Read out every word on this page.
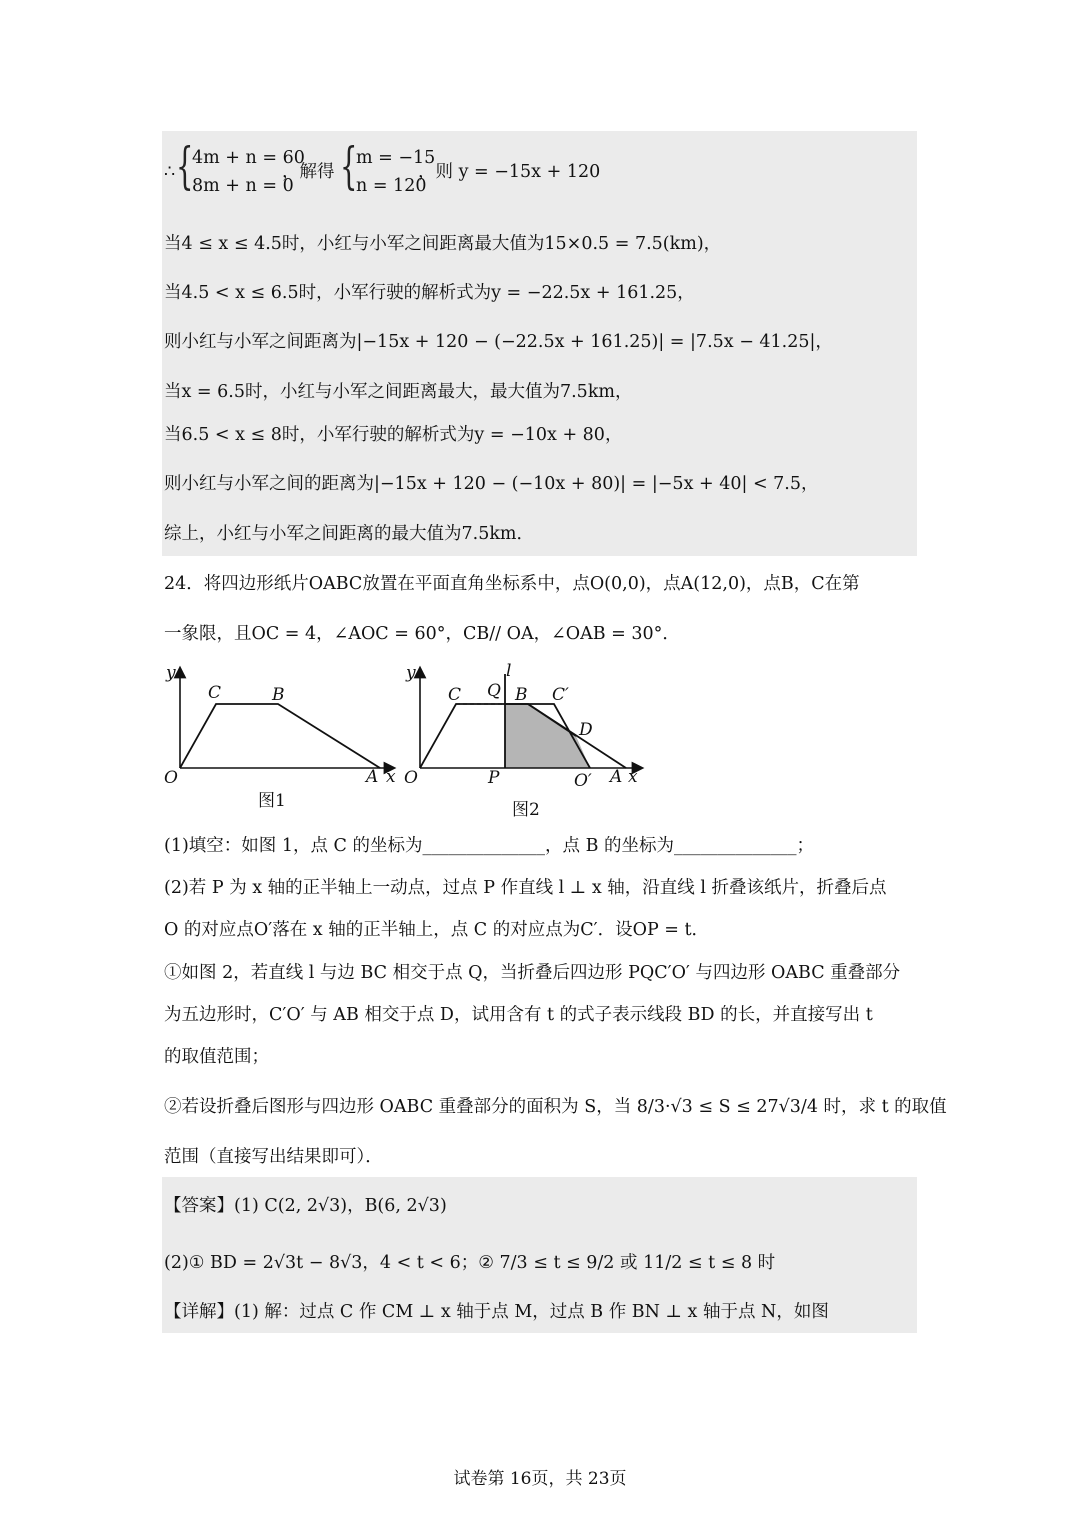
∴ {
4m + n = 60
8m + n = 0
，解得 {
m = −15
n = 120
，则 y = −15x + 120
当4 ≤ x ≤ 4.5时，小红与小军之间距离最大值为15×0.5 = 7.5(km)，
当4.5 < x ≤ 6.5时，小军行驶的解析式为y = −22.5x + 161.25，
则小红与小军之间距离为|−15x + 120 − (−22.5x + 161.25)| = |7.5x − 41.25|，
当x = 6.5时，小红与小军之间距离最大，最大值为7.5km，
当6.5 < x ≤ 8时，小军行驶的解析式为y = −10x + 80，
则小红与小军之间的距离为|−15x + 120 − (−10x + 80)| = |−5x + 40| < 7.5，
综上，小红与小军之间距离的最大值为7.5km．
24．将四边形纸片OABC放置在平面直角坐标系中，点O(0,0)，点A(12,0)，点B，C在第
一象限，且OC = 4，∠AOC = 60°，CB// OA，∠OAB = 30°．
y
C	B
O	A x
图1
y	l
C Q B C′
D
O	P	O′ A x
图2
(1)填空：如图 1，点 C 的坐标为______________，点 B 的坐标为______________；
(2)若 P 为 x 轴的正半轴上一动点，过点 P 作直线 l ⊥ x 轴，沿直线 l 折叠该纸片，折叠后点
O 的对应点O′落在 x 轴的正半轴上，点 C 的对应点为C′．设OP = t．
①如图 2，若直线 l 与边 BC 相交于点 Q，当折叠后四边形 PQC′O′ 与四边形 OABC 重叠部分
为五边形时，C′O′ 与 AB 相交于点 D，试用含有 t 的式子表示线段 BD 的长，并直接写出 t
的取值范围；
②若设折叠后图形与四边形 OABC 重叠部分的面积为 S，当 8/3·√3 ≤ S ≤ 27√3/4 时，求 t 的取值
范围（直接写出结果即可）．
【答案】(1) C(2, 2√3)，B(6, 2√3)
(2)① BD = 2√3t − 8√3，4 < t < 6；② 7/3 ≤ t ≤ 9/2 或 11/2 ≤ t ≤ 8 时
【详解】(1) 解：过点 C 作 CM ⊥ x 轴于点 M，过点 B 作 BN ⊥ x 轴于点 N，如图
试卷第 16页，共 23页
